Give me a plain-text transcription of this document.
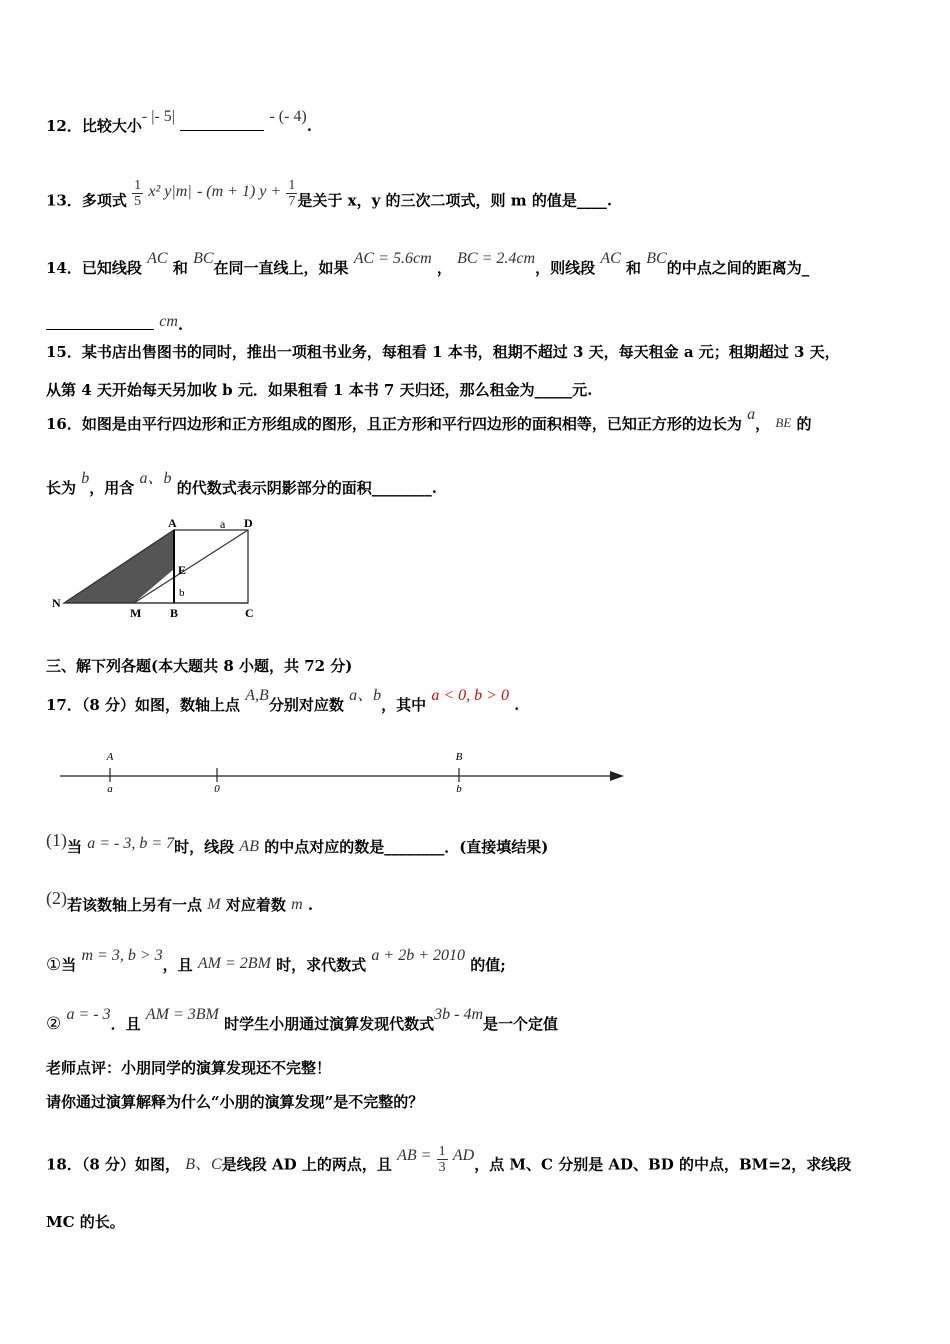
12．比较大小- |- 5|	- (- 4).
13．多项式 $\frac{1}{5} x^2$ y|m| - (m + 1) $y + \frac{1}{7}$ 是关于 x，y 的三次二项式，则 m 的值是____.
14．已知线段 AC 和 BC在同一直线上，如果 AC = 5.6cm ， BC = 2.4cm，则线段 AC 和 BC的中点之间的距离为_
cm.
15．某书店出售图书的同时，推出一项租书业务，每租看 1 本书，租期不超过 3 天，每天租金 a 元；租期超过 3 天，
从第 4 天开始每天另加收 b 元．如果租看 1 本书 7 天归还，那么租金为_____元.
16．如图是由平行四边形和正方形组成的图形，且正方形和平行四边形的面积相等，已知正方形的边长为 a， BE 的
长为 b，用含 a、b 的代数式表示阴影部分的面积________.
A	a D
E
b
N
M B	C
三、解下列各题(本大题共 8 小题，共 72 分)
17．（8 分）如图，数轴上点 A,B分别对应数 a、b，其中 a < 0, b > 0 .
A
a	0
B
b
(1)当 a = - 3, b = 7时，线段 AB 的中点对应的数是________．(直接填结果)
(2)若该数轴上另有一点 M 对应着数 m .
①当 m = 3, b > 3，且 AM = 2BM 时，求代数式 a + 2b + 2010 的值;
② a = - 3．且 AM = 3BM 时学生小朋通过演算发现代数式3b - 4m是一个定值
老师点评：小朋同学的演算发现还不完整！
请你通过演算解释为什么“小朋的演算发现”是不完整的？
18．（8 分）如图， B、C是线段 AD 上的两点，且 AB = $\frac{1}{3}$ AD，点 M、C 分别是 AD、BD 的中点，BM=2，求线段
MC 的长。
